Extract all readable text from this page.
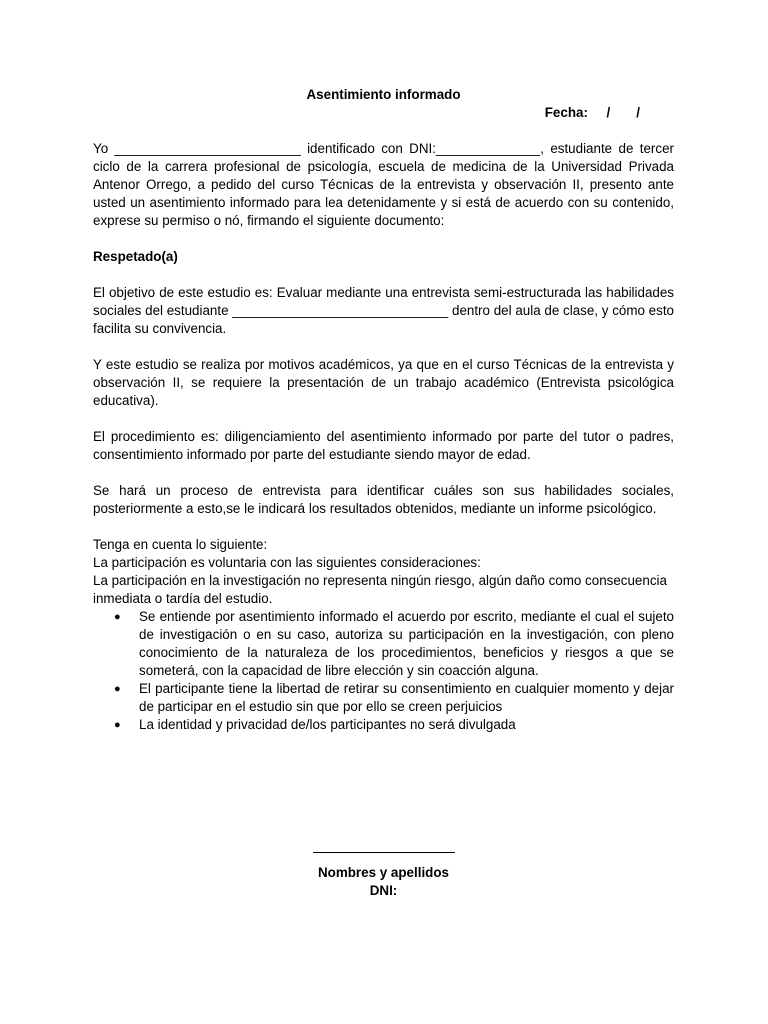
Asentimiento informado

Fecha:     /       /

Yo _________________________ identificado con DNI:______________, estudiante de tercer ciclo de la carrera profesional de psicología, escuela de medicina de la Universidad Privada Antenor Orrego, a pedido del curso Técnicas de la entrevista y observación II, presento ante usted un asentimiento informado para lea detenidamente y si está de acuerdo con su contenido, exprese su permiso o nó, firmando el siguiente documento:

Respetado(a)

El objetivo de este estudio es: Evaluar mediante una entrevista semi-estructurada las habilidades sociales del estudiante _____________________________ dentro del aula de clase, y cómo esto facilita su convivencia.

Y este estudio se realiza por motivos académicos, ya que en el curso Técnicas de la entrevista y observación II, se requiere la presentación de un trabajo académico (Entrevista psicológica educativa).

El procedimiento es: diligenciamiento del asentimiento informado por parte del tutor o padres, consentimiento informado por parte del estudiante siendo mayor de edad.

Se hará un proceso de entrevista para identificar cuáles son sus habilidades sociales, posteriormente a esto,se le indicará los resultados obtenidos, mediante un informe psicológico.

Tenga en cuenta lo siguiente:

La participación es voluntaria con las siguientes consideraciones:

La participación en la investigación no representa ningún riesgo, algún daño como consecuencia inmediata o tardía del estudio.

● Se entiende por asentimiento informado el acuerdo por escrito, mediante el cual el sujeto de investigación o en su caso, autoriza su participación en la investigación, con pleno conocimiento de la naturaleza de los procedimientos, beneficios y riesgos a que se someterá, con la capacidad de libre elección y sin coacción alguna.
● El participante tiene la libertad de retirar su consentimiento en cualquier momento y dejar de participar en el estudio sin que por ello se creen perjuicios
● La identidad y privacidad de/los participantes no será divulgada

Nombres y apellidos

DNI:
